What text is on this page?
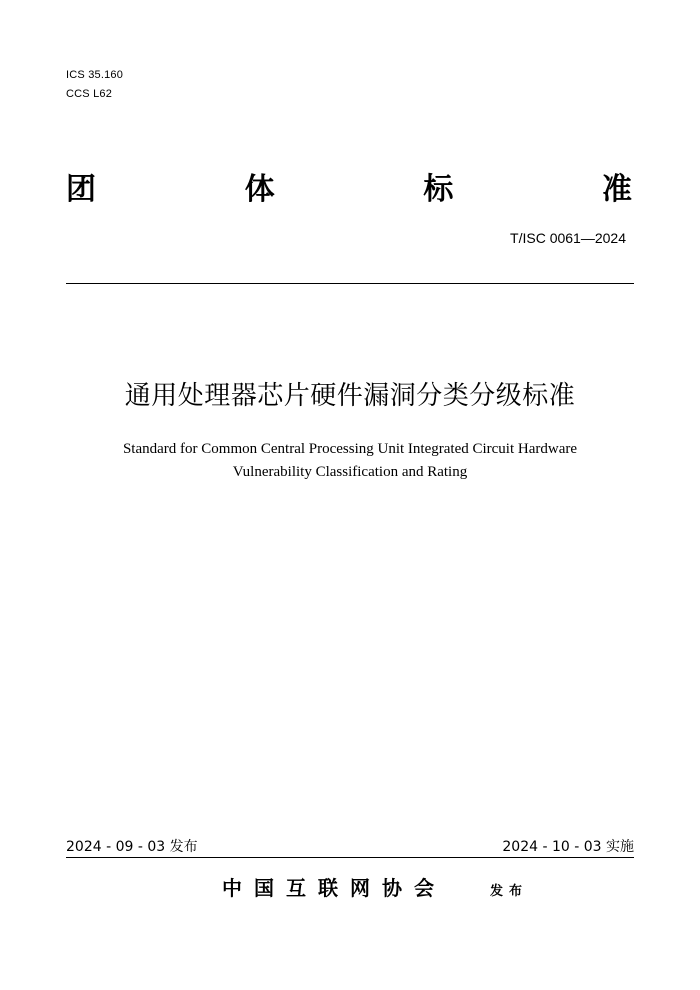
ICS 35.160
CCS L62
团	体	标	准
T/ISC 0061—2024
通用处理器芯片硬件漏洞分类分级标准
Standard for Common Central Processing Unit Integrated Circuit Hardware
Vulnerability Classification and Rating
2024 - 09 - 03 发布	2024 - 10 - 03 实施
中国互联网协会	发布
